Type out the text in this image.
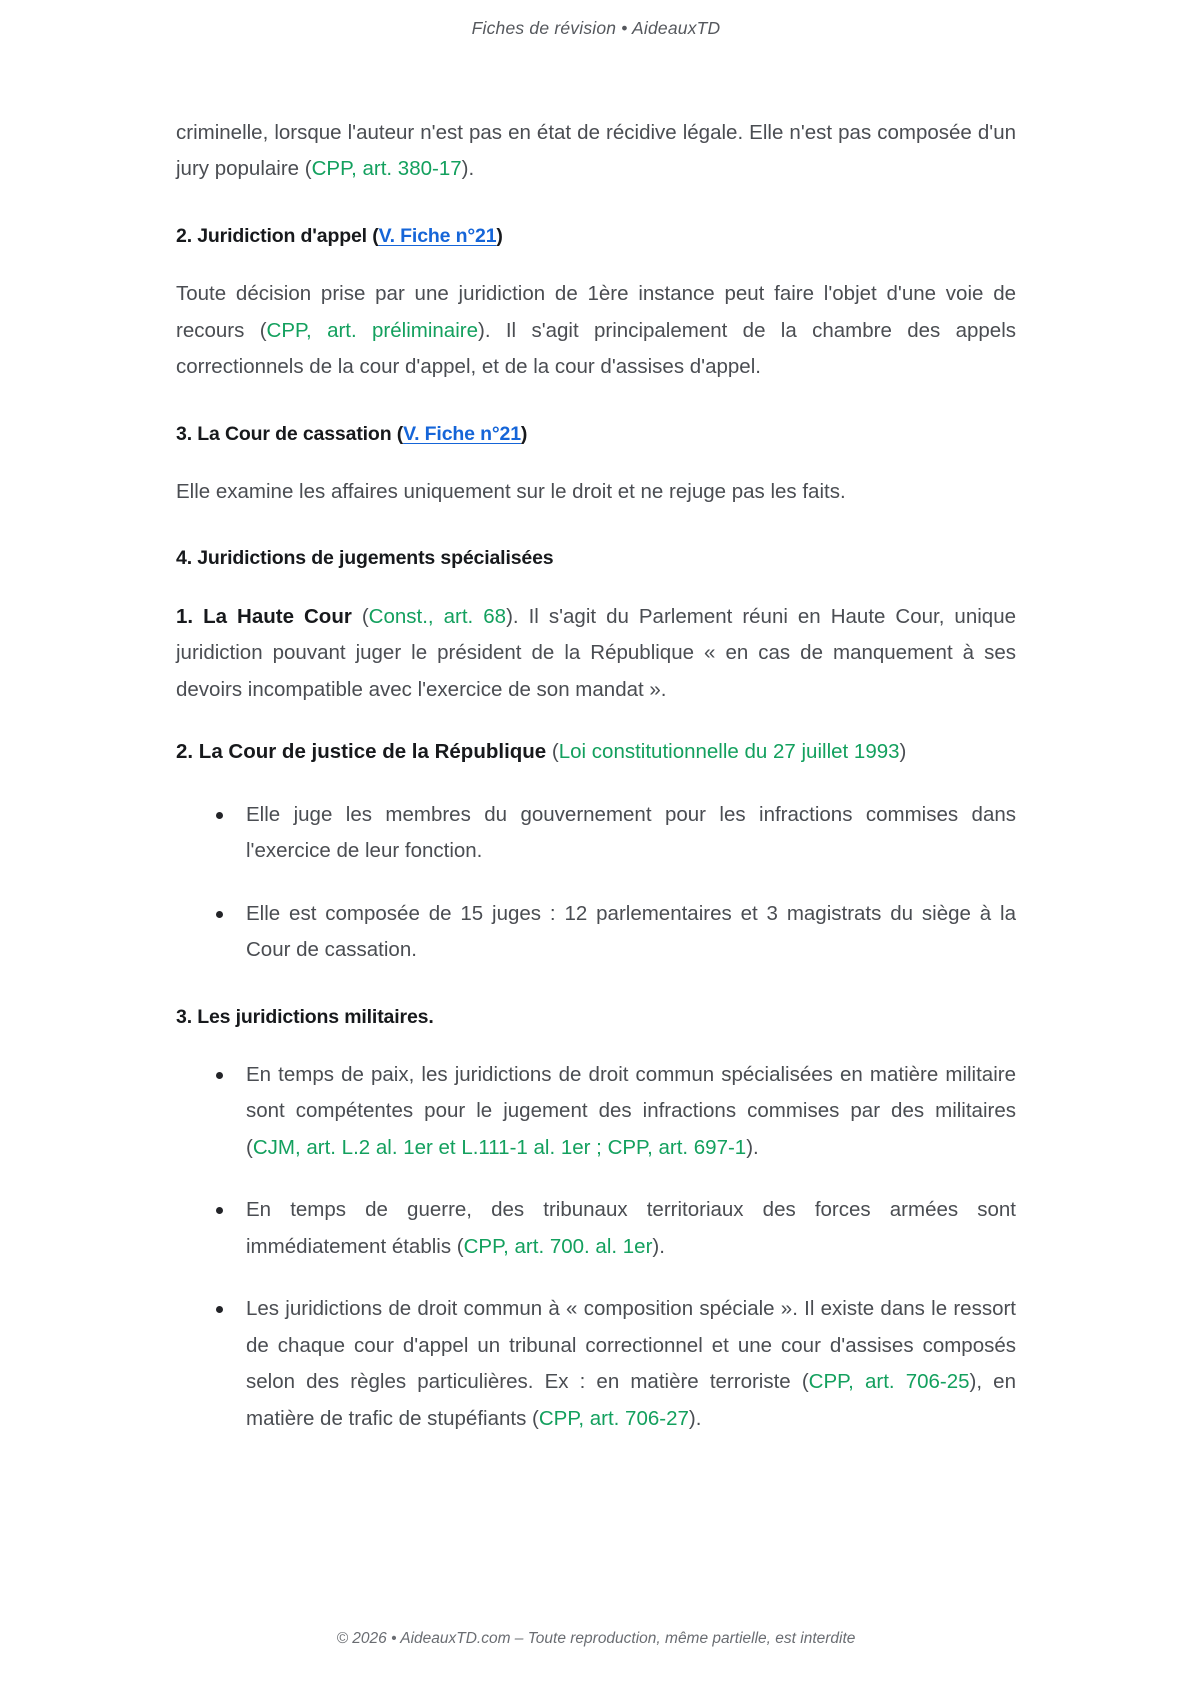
Fiches de révision • AideauxTD

criminelle, lorsque l'auteur n'est pas en état de récidive légale. Elle n'est pas composée d'un jury populaire (CPP, art. 380-17).

2. Juridiction d'appel (V. Fiche n°21)

Toute décision prise par une juridiction de 1ère instance peut faire l'objet d'une voie de recours (CPP, art. préliminaire). Il s'agit principalement de la chambre des appels correctionnels de la cour d'appel, et de la cour d'assises d'appel.

3. La Cour de cassation (V. Fiche n°21)

Elle examine les affaires uniquement sur le droit et ne rejuge pas les faits.

4. Juridictions de jugements spécialisées

1. La Haute Cour (Const., art. 68). Il s'agit du Parlement réuni en Haute Cour, unique juridiction pouvant juger le président de la République « en cas de manquement à ses devoirs incompatible avec l'exercice de son mandat ».

2. La Cour de justice de la République (Loi constitutionnelle du 27 juillet 1993)

Elle juge les membres du gouvernement pour les infractions commises dans l'exercice de leur fonction.
Elle est composée de 15 juges : 12 parlementaires et 3 magistrats du siège à la Cour de cassation.
3. Les juridictions militaires.
En temps de paix, les juridictions de droit commun spécialisées en matière militaire sont compétentes pour le jugement des infractions commises par des militaires (CJM, art. L.2 al. 1er et L.111-1 al. 1er ; CPP, art. 697-1).
En temps de guerre, des tribunaux territoriaux des forces armées sont immédiatement établis (CPP, art. 700. al. 1er).
Les juridictions de droit commun à « composition spéciale ». Il existe dans le ressort de chaque cour d'appel un tribunal correctionnel et une cour d'assises composés selon des règles particulières. Ex : en matière terroriste (CPP, art. 706-25), en matière de trafic de stupéfiants (CPP, art. 706-27).
© 2026 • AideauxTD.com – Toute reproduction, même partielle, est interdite
